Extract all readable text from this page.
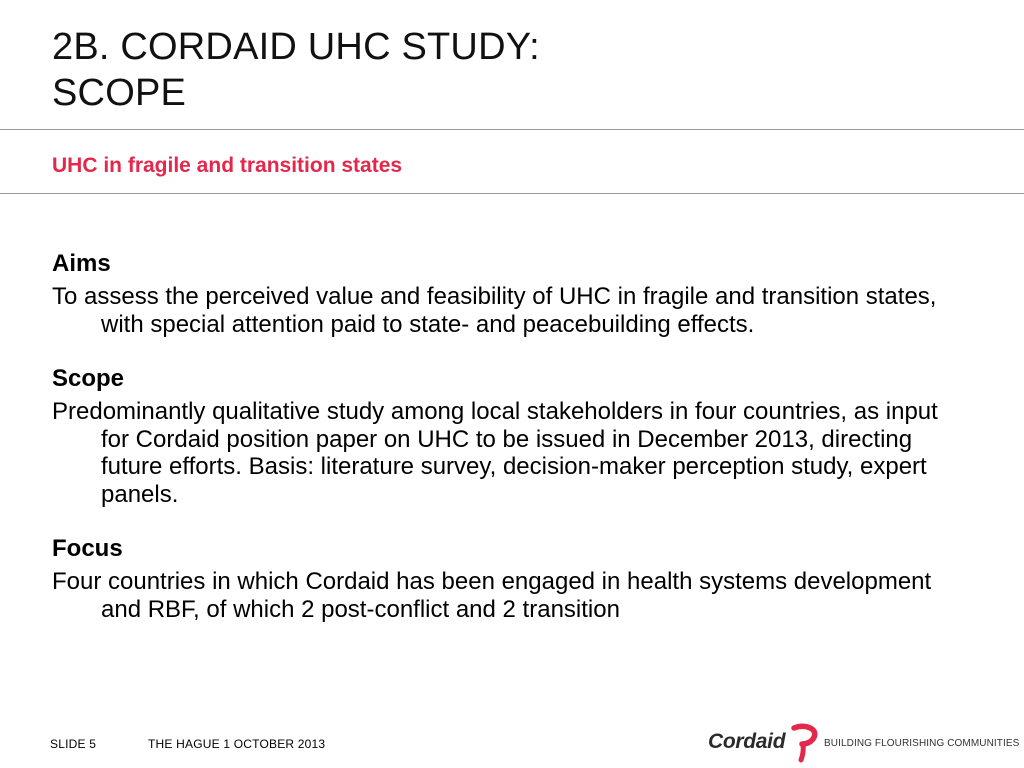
2B. CORDAID UHC STUDY:
SCOPE
UHC in fragile and transition states
Aims

To assess the perceived value and feasibility of UHC in fragile and transition states, with special attention paid to state- and peacebuilding effects.

Scope

Predominantly qualitative study among local stakeholders in four countries, as input for Cordaid position paper on UHC to be issued in December 2013, directing future efforts. Basis: literature survey, decision-maker perception study, expert panels.

Focus

Four countries in which Cordaid has been engaged in health systems development and RBF, of which 2 post-conflict and 2 transition

SLIDE 5	THE HAGUE 1 OCTOBER 2013	Cordaid	BUILDING FLOURISHING COMMUNITIES
